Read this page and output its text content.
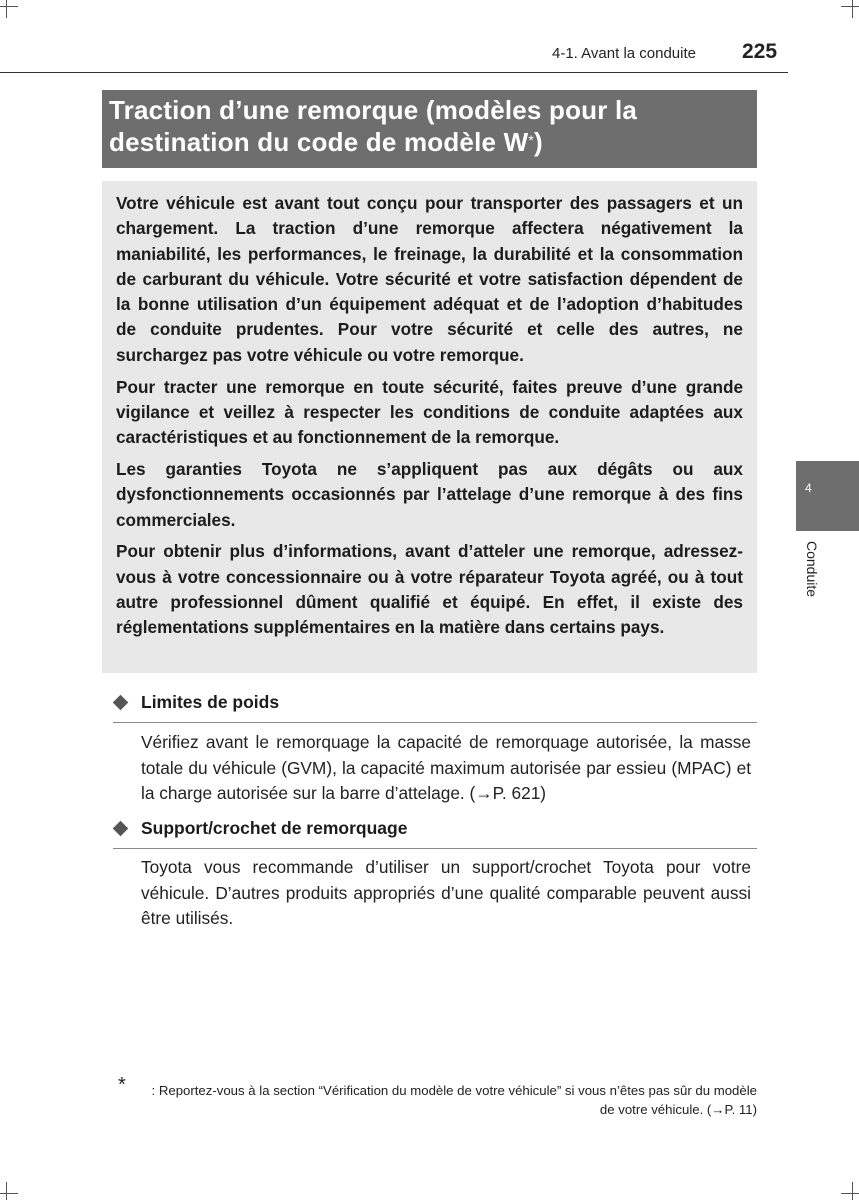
4-1. Avant la conduite 225
Traction d’une remorque (modèles pour la destination du code de modèle W*)

Votre véhicule est avant tout conçu pour transporter des passagers et un chargement. La traction d’une remorque affectera négativement la maniabilité, les performances, le freinage, la durabilité et la consommation de carburant du véhicule. Votre sécurité et votre satisfaction dépendent de la bonne utilisation d’un équipement adéquat et de l’adoption d’habitudes de conduite prudentes. Pour votre sécurité et celle des autres, ne surchargez pas votre véhicule ou votre remorque.

Pour tracter une remorque en toute sécurité, faites preuve d’une grande vigilance et veillez à respecter les conditions de conduite adaptées aux caractéristiques et au fonctionnement de la remorque.

Les garanties Toyota ne s’appliquent pas aux dégâts ou aux dysfonctionnements occasionnés par l’attelage d’une remorque à des fins commerciales.

Pour obtenir plus d’informations, avant d’atteler une remorque, adressez-vous à votre concessionnaire ou à votre réparateur Toyota agréé, ou à tout autre professionnel dûment qualifié et équipé. En effet, il existe des réglementations supplémentaires en la matière dans certains pays.

Limites de poids
Vérifiez avant le remorquage la capacité de remorquage autorisée, la masse totale du véhicule (GVM), la capacité maximum autorisée par essieu (MPAC) et la charge autorisée sur la barre d’attelage. (→P. 621)
Support/crochet de remorquage
Toyota vous recommande d’utiliser un support/crochet Toyota pour votre véhicule. D’autres produits appropriés d’une qualité comparable peuvent aussi être utilisés.
4
Conduite
*	: Reportez-vous à la section “Vérification du modèle de votre véhicule” si vous n’êtes pas sûr du modèle de votre véhicule. (→P. 11)
